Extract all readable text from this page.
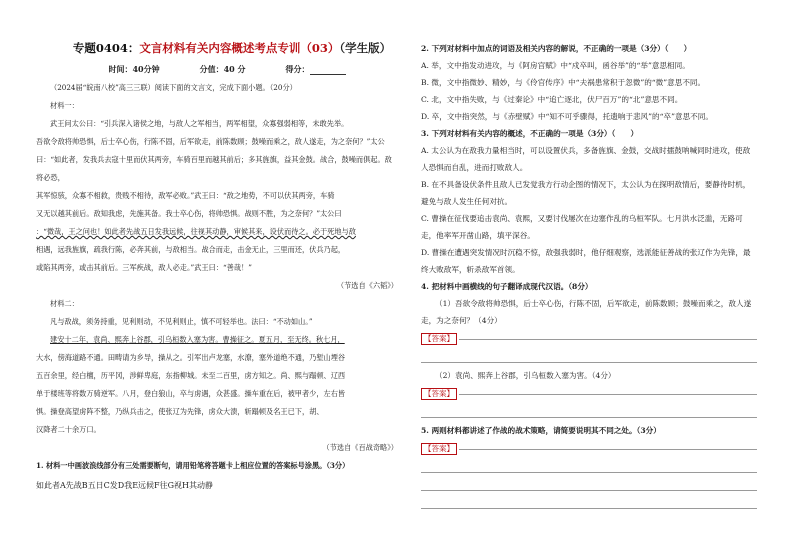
专题0404：文言材料有关内容概述考点专训（03）（学生版）
时间：40分钟	分值：40 分	得分：

（2024届“皖南八校”高三三联）阅读下面的文言文，完成下面小题。（20分）

材料一：

武王问太公曰：“引兵深入诸侯之地，与敌人之军相当，两军相望，众寡强弱相等，未敢先举。

吾欲令敌将帅恐惧，后士卒心伤，行陈不固，后军欲走，前陈数顾；鼓噪而乘之，敌人遂走，为之奈何？”太公

曰：“如此者，发我兵去寇十里而伏其两旁，车骑百里而越其前后；多其旌旗，益其金鼓。战合，鼓噪而俱起。敌将必恐，

其军惊骇，众寡不相救，贵贱不相待，敌军必败。”武王曰：“敌之地势，不可以伏其两旁，车骑

又无以越其前后。敌知我虑，先施其备。我士卒心伤，将帅恐惧。战则不胜，为之奈何？”太公曰

：“微哉，王之问也！如此者先战五日发我远候，往视其动静，审候其来，设伏而待之。必于死地与敌

相遇，远我旌旗，疏我行陈，必奔其前，与敌相当。战合而走，击金无止，三里而还，伏兵乃起，

或陷其两旁，或击其前后。三军疾战，敌人必走。”武王曰：“善哉！”

（节选自《六韬》）

材料二：

凡与敌战，须务持重，见利则动，不见利则止，慎不可轻举也。法曰：“不动如山。”

建安十二年，袁尚、熙奔上谷郡，引乌桓数入塞为害。曹操征之。夏五月，至无终。秋七月，

大水，傍海道路不通。田畴请为乡导，操从之。引军出卢龙塞，水潦，塞外道绝不通，乃堑山堙谷

五百余里，经白檀，历平冈，涉鲜卑庭，东指柳城。未至二百里，虏方知之。尚、熙与蹋顿、辽西

单于楼班等将数万骑逆军。八月，登白狼山，卒与虏遇，众甚盛。操车重在后，被甲者少，左右皆

惧。操登高望虏阵不整，乃纵兵击之，使张辽为先锋，虏众大溃，斩蹋顿及名王已下，胡、

汉降者二十余万口。

（节选自《百战奇略》）

1. 材料一中画波浪线部分有三处需要断句，请用铅笔将答题卡上相应位置的答案标号涂黑。（3分）

如此者A先战B五日C发D我E远候F往G视H其动静

2. 下列对材料中加点的词语及相关内容的解说，不正确的一项是（3分）（　　）

A. 举，文中指发动进攻，与《阿房宫赋》中“戍卒叫，函谷举”的“举”意思相同。

B. 微，文中指微妙、精妙，与《伶官传序》中“夫祸患常积于忽微”的“微”意思不同。

C. 北，文中指失败，与《过秦论》中“追亡逐北，伏尸百万”的“北”意思不同。

D. 卒，文中指突然，与《赤壁赋》中“知不可乎骤得，托遗响于悲风”的“卒”意思不同。

3. 下列对材料有关内容的概述，不正确的一项是（3分）（　　）

A. 太公认为在敌我力量相当时，可以设置伏兵，多备旌旗、金鼓，交战时擂鼓呐喊同时进攻，使敌人恐惧而自乱，进而打败敌人。

B. 在不具备设伏条件且敌人已发觉我方行动企图的情况下，太公认为在探明敌情后，要静待时机，避免与敌人发生任何对抗。

C. 曹操在征伐要追击袁尚、袁熙，又要讨伐屡次在边塞作乱的乌桓军队。七月洪水泛滥，无路可走，他率军开凿山路，填平深谷。

D. 曹操在遭遇突发情况时沉稳不惊，敌强我弱时，他仔细观察，选派能征善战的张辽作为先锋，最终大败敌军，斩杀敌军首领。

4. 把材料中画横线的句子翻译成现代汉语。（8分）

（1）吾欲令敌将帅恐惧，后士卒心伤，行陈不固，后军欲走，前陈数顾；鼓噪而乘之，敌人遂走，为之奈何？（4分）

【答案】

（2）袁尚、熙奔上谷郡，引乌桓数入塞为害。（4分）

【答案】

5. 两则材料都讲述了作战的战术策略，请简要说明其不同之处。（3分）

【答案】
